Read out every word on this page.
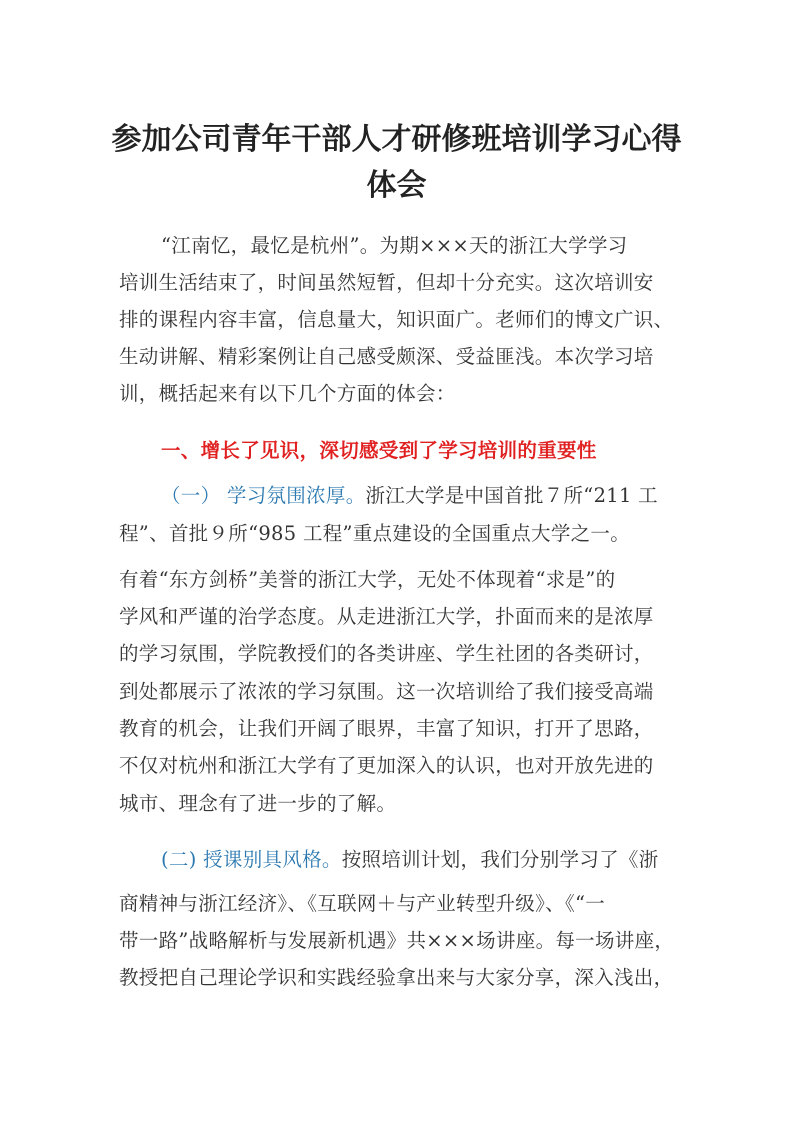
参加公司青年干部人才研修班培训学习心得
体会
“江南忆，最忆是杭州”。为期×××天的浙江大学学习
培训生活结束了，时间虽然短暂，但却十分充实。这次培训安
排的课程内容丰富，信息量大，知识面广。老师们的博文广识、
生动讲解、精彩案例让自己感受颇深、受益匪浅。本次学习培
训，概括起来有以下几个方面的体会：
一、增长了见识，深切感受到了学习培训的重要性
（一） 学习氛围浓厚。浙江大学是中国首批７所“211 工
程”、首批９所“985 工程”重点建设的全国重点大学之一。
有着“东方剑桥”美誉的浙江大学，无处不体现着“求是”的
学风和严谨的治学态度。从走进浙江大学，扑面而来的是浓厚
的学习氛围，学院教授们的各类讲座、学生社团的各类研讨，
到处都展示了浓浓的学习氛围。这一次培训给了我们接受高端
教育的机会，让我们开阔了眼界，丰富了知识，打开了思路，
不仅对杭州和浙江大学有了更加深入的认识，也对开放先进的
城市、理念有了进一步的了解。
(二) 授课别具风格。按照培训计划，我们分别学习了《浙
商精神与浙江经济》、《互联网＋与产业转型升级》、《“一
带一路”战略解析与发展新机遇》共×××场讲座。每一场讲座，
教授把自己理论学识和实践经验拿出来与大家分享，深入浅出，
